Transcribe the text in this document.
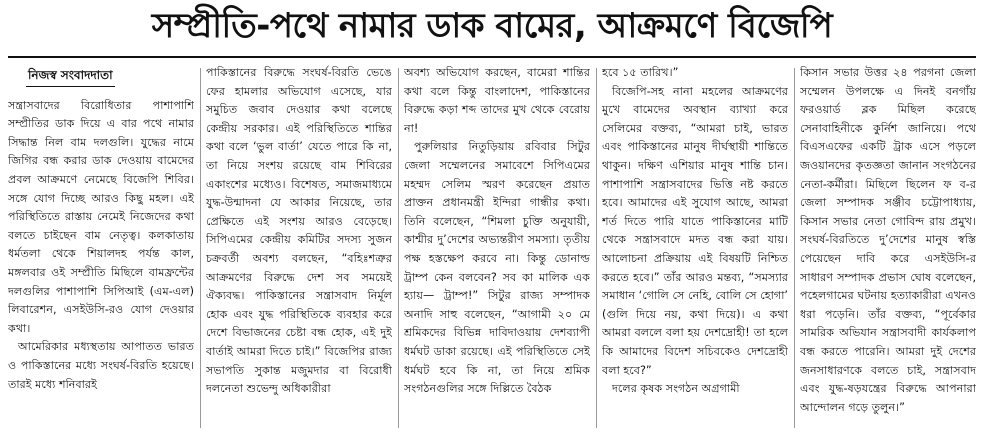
সম্প্রীতি-পথে নামার ডাক বামের, আক্রমণে বিজেপি
নিজস্ব সংবাদদাতা

সন্ত্রাসবাদের বিরোধিতার পাশাপাশি সম্প্রীতির ডাক দিয়ে এ বার পথে নামার সিদ্ধান্ত নিল বাম দলগুলি। যুদ্ধের নামে জিগির বন্ধ করার ডাক দেওয়ায় বামেদের প্রবল আক্রমণে নেমেছে বিজেপি শিবির। সঙ্গে যোগ দিচ্ছে আরও কিছু মহল। এই পরিস্থিতিতে রাস্তায় নেমেই নিজেদের কথা বলতে চাইছেন বাম নেতৃত্ব। কলকাতায় ধর্মতলা থেকে শিয়ালদহ পর্যন্ত কাল, মঙ্গলবার ওই সম্প্রীতি মিছিলে বামফ্রন্টের দলগুলির পাশাপাশি সিপিআই (এম-এল) লিবারেশন, এসইউসি-রও যোগ দেওয়ার কথা।

আমেরিকার মধ্যস্থতায় আপাতত ভারত ও পাকিস্তানের মধ্যে সংঘর্ষ-বিরতি হয়েছে। তারই মধ্যে শনিবারই

পাকিস্তানের বিরুদ্ধে সংঘর্ষ-বিরতি ভেঙে ফের হামলার অভিযোগ এসেছে, যার সমুচিত জবাব দেওয়ার কথা বলেছে কেন্দ্রীয় সরকার। এই পরিস্থিতিতে শান্তির কথা বলে ‘ভুল বার্তা’ যেতে পারে কি না, তা নিয়ে সংশয় রয়েছে বাম শিবিরের একাংশের মধ্যেও। বিশেষত, সমাজমাধ্যমে যুদ্ধ-উন্মাদনা যে আকার নিয়েছে, তার প্রেক্ষিতে এই সংশয় আরও বেড়েছে। সিপিএমের কেন্দ্রীয় কমিটির সদস্য সুজন চক্রবর্তী অবশ্য বলছেন, “বহিঃশত্রুর আক্রমণের বিরুদ্ধে দেশ সব সময়েই ঐক্যবদ্ধ। পাকিস্তানের সন্ত্রাসবাদ নির্মূল হোক এবং যুদ্ধ পরিস্থিতিকে ব্যবহার করে দেশে বিভাজনের চেষ্টা বন্ধ হোক, এই দুই বার্তাই আমরা দিতে চাই।” বিজেপির রাজ্য সভাপতি সুকান্ত মজুমদার বা বিরোধী দলনেতা শুভেন্দু অধিকারীরা

অবশ্য অভিযোগ করছেন, বামেরা শান্তির কথা বলে কিন্তু বাংলাদেশ, পাকিস্তানের বিরুদ্ধে কড়া শব্দ তাদের মুখ থেকে বেরোয় না!

পুরুলিয়ার নিতুড়িয়ায় রবিবার সিটুর জেলা সম্মেলনের সমাবেশে সিপিএমের মহম্মদ সেলিম স্মরণ করেছেন প্রয়াত প্রাক্তন প্রধানমন্ত্রী ইন্দিরা গান্ধীর কথা। তিনি বলেছেন, “শিমলা চুক্তি অনুযায়ী, কাশ্মীর দু’দেশের অভ্যন্তরীণ সমস্যা। তৃতীয় পক্ষ হস্তক্ষেপ করবে না। কিন্তু ডোনাল্ড ট্রাম্প কেন বলবেন? সব কা মালিক এক হ্যায়— ট্রাম্প!” সিটুর রাজ্য সম্পাদক অনাদি সাহু বলেছেন, “আগামী ২০ মে শ্রমিকদের বিভিন্ন দাবিদাওয়ায় দেশব্যাপী ধর্মঘট ডাকা রয়েছে। এই পরিস্থিতিতে সেই ধর্মঘট হবে কি না, তা নিয়ে শ্রমিক সংগঠনগুলির সঙ্গে দিল্লিতে বৈঠক

হবে ১৫ তারিখ।”

বিজেপি-সহ নানা মহলের আক্রমণের মুখে বামেদের অবস্থান ব্যাখ্যা করে সেলিমের বক্তব্য, “আমরা চাই, ভারত এবং পাকিস্তানের মানুষ দীর্ঘস্থায়ী শান্তিতে থাকুন। দক্ষিণ এশিয়ার মানুষ শান্তি চান। পাশাপাশি সন্ত্রাসবাদের ভিত্তি নষ্ট করতে হবে। আমাদের এই সুযোগ আছে, আমরা শর্ত দিতে পারি যাতে পাকিস্তানের মাটি থেকে সন্ত্রাসবাদে মদত বন্ধ করা যায়। আলোচনা প্রক্রিয়ায় এই বিষয়টি নিশ্চিত করতে হবে।” তাঁর আরও মন্তব্য, “সমস্যার সমাধান ‘গোলি সে নেহি, বোলি সে হোগা’ (গুলি দিয়ে নয়, কথা দিয়ে)। এ কথা আমরা বললে বলা হয় দেশদ্রোহী! তা হলে কি আমাদের বিদেশ সচিবকেও দেশদ্রোহী বলা হবে?”

দলের কৃষক সংগঠন অগ্রগামী

কিসান সভার উত্তর ২৪ পরগনা জেলা সম্মেলন উপলক্ষে এ দিনই বনগাঁয় ফরওয়ার্ড ব্লক মিছিল করেছে সেনাবাহিনীকে কুর্নিশ জানিয়ে। পথে বিএসএফের একটি ট্রাক এসে পড়লে জওয়ানদের কৃতজ্ঞতা জানান সংগঠনের নেতা-কর্মীরা। মিছিলে ছিলেন ফ ব-র জেলা সম্পাদক সঞ্জীব চট্টোপাধ্যায়, কিসান সভার নেতা গোবিন্দ রায় প্রমুখ। সংঘর্ষ-বিরতিতে দু’দেশের মানুষ স্বস্তি পেয়েছেন দাবি করে এসইউসি-র সাধারণ সম্পাদক প্রভাস ঘোষ বলেছেন, পহেলগামের ঘটনায় হত্যাকারীরা এখনও ধরা পড়েনি। তাঁর বক্তব্য, “পূর্বেকার সামরিক অভিযান সন্ত্রাসবাদী কার্যকলাপ বন্ধ করতে পারেনি। আমরা দুই দেশের জনসাধারণকে বলতে চাই, সন্ত্রাসবাদ এবং যুদ্ধ-ষড়যন্ত্রের বিরুদ্ধে আপনারা আন্দোলন গড়ে তুলুন।”
